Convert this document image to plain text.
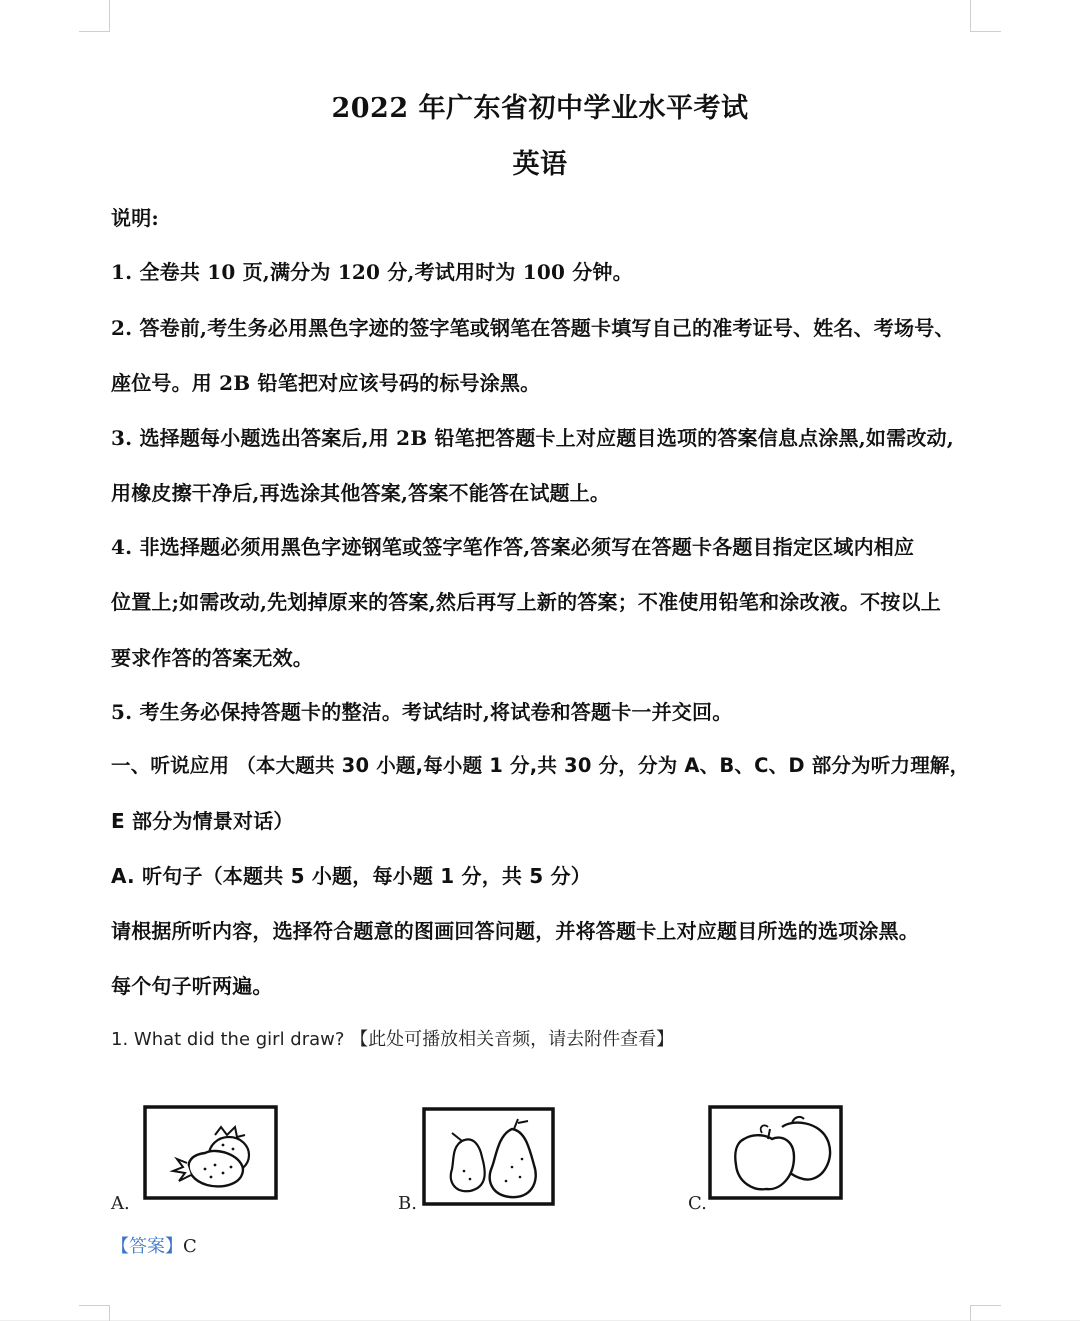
2022 年广东省初中学业水平考试
英语
说明:
1. 全卷共 10 页,满分为 120 分,考试用时为 100 分钟。
2. 答卷前,考生务必用黑色字迹的签字笔或钢笔在答题卡填写自己的准考证号、姓名、考场号、
座位号。用 2B 铅笔把对应该号码的标号涂黑。
3. 选择题每小题选出答案后,用 2B 铅笔把答题卡上对应题目选项的答案信息点涂黑,如需改动,
用橡皮擦干净后,再选涂其他答案,答案不能答在试题上。
4. 非选择题必须用黑色字迹钢笔或签字笔作答,答案必须写在答题卡各题目指定区域内相应
位置上;如需改动,先划掉原来的答案,然后再写上新的答案；不准使用铅笔和涂改液。不按以上
要求作答的答案无效。
5. 考生务必保持答题卡的整洁。考试结时,将试卷和答题卡一并交回。
一、听说应用 （本大题共 30 小题,每小题 1 分,共 30 分，分为 A、B、C、D 部分为听力理解，
E 部分为情景对话）
A. 听句子（本题共 5 小题，每小题 1 分，共 5 分）
请根据所听内容，选择符合题意的图画回答问题，并将答题卡上对应题目所选的选项涂黑。
每个句子听两遍。
1. What did the girl draw? 【此处可播放相关音频，请去附件查看】
A.	B.	C.
【答案】C
